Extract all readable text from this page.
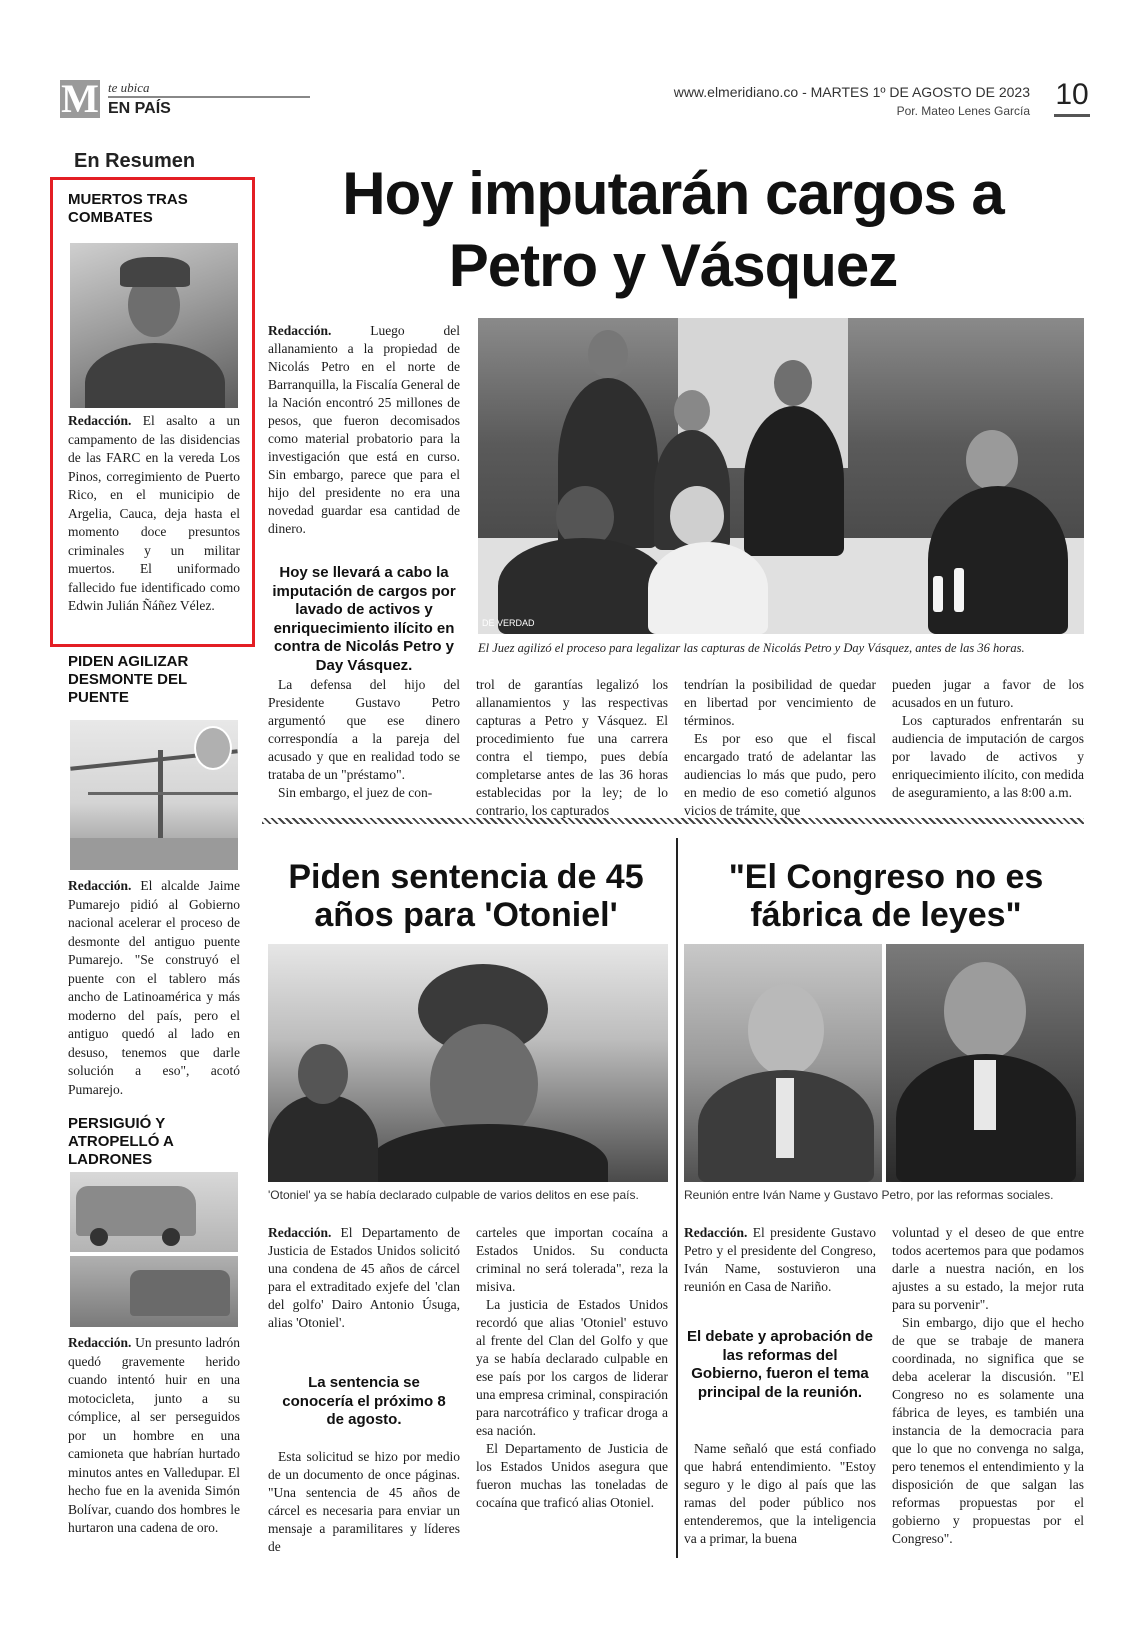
M te ubica
EN PAÍS
www.elmeridiano.co - MARTES 1º DE AGOSTO DE 2023
Por. Mateo Lenes García 10
En Resumen
MUERTOS TRAS COMBATES
Redacción. El asalto a un campamento de las disidencias de las FARC en la vereda Los Pinos, corregimiento de Puerto Rico, en el municipio de Argelia, Cauca, deja hasta el momento doce presuntos criminales y un militar muertos. El uniformado fallecido fue identificado como Edwin Julián Ñáñez Vélez.
PIDEN AGILIZAR DESMONTE DEL PUENTE
Redacción. El alcalde Jaime Pumarejo pidió al Gobierno nacional acelerar el proceso de desmonte del antiguo puente Pumarejo. "Se construyó el puente con el tablero más ancho de Latinoamérica y más moderno del país, pero el antiguo quedó al lado en desuso, tenemos que darle solución a eso", acotó Pumarejo.
PERSIGUIÓ Y ATROPELLÓ A LADRONES
Redacción. Un presunto ladrón quedó gravemente herido cuando intentó huir en una motocicleta, junto a su cómplice, al ser perseguidos por un hombre en una camioneta que habrían hurtado minutos antes en Valledupar. El hecho fue en la avenida Simón Bolívar, cuando dos hombres le hurtaron una cadena de oro.
Hoy imputarán cargos a Petro y Vásquez

Redacción. Luego del allanamiento a la propiedad de Nicolás Petro en el norte de Barranquilla, la Fiscalía General de la Nación encontró 25 millones de pesos, que fueron decomisados como material probatorio para la investigación que está en curso. Sin embargo, parece que para el hijo del presidente no era una novedad guardar esa cantidad de dinero.

Hoy se llevará a cabo la imputación de cargos por lavado de activos y enriquecimiento ilícito en contra de Nicolás Petro y Day Vásquez.
DE VERDAD
El Juez agilizó el proceso para legalizar las capturas de Nicolás Petro y Day Vásquez, antes de las 36 horas.

La defensa del hijo del Presidente Gustavo Petro argumentó que ese dinero correspondía a la pareja del acusado y que en realidad todo se trataba de un "préstamo".

Sin embargo, el juez de con-

trol de garantías legalizó los allanamientos y las respectivas capturas a Petro y Vásquez. El procedimiento fue una carrera contra el tiempo, pues debía completarse antes de las 36 horas establecidas por la ley; de lo contrario, los capturados

tendrían la posibilidad de quedar en libertad por vencimiento de términos.

Es por eso que el fiscal encargado trató de adelantar las audiencias lo más que pudo, pero en medio de eso cometió algunos vicios de trámite, que

pueden jugar a favor de los acusados en un futuro.

Los capturados enfrentarán su audiencia de imputación de cargos por lavado de activos y enriquecimiento ilícito, con medida de aseguramiento, a las 8:00 a.m.

Piden sentencia de 45 años para 'Otoniel'
'Otoniel' ya se había declarado culpable de varios delitos en ese país.

Redacción. El Departamento de Justicia de Estados Unidos solicitó una condena de 45 años de cárcel para el extraditado exjefe del 'clan del golfo' Dairo Antonio Úsuga, alias 'Otoniel'.

La sentencia se conocería el próximo 8 de agosto.

Esta solicitud se hizo por medio de un documento de once páginas. "Una sentencia de 45 años de cárcel es necesaria para enviar un mensaje a paramilitares y líderes de

carteles que importan cocaína a Estados Unidos. Su conducta criminal no será tolerada", reza la misiva.

La justicia de Estados Unidos recordó que alias 'Otoniel' estuvo al frente del Clan del Golfo y que ya se había declarado culpable en ese país por los cargos de liderar una empresa criminal, conspiración para narcotráfico y traficar droga a esa nación.

El Departamento de Justicia de los Estados Unidos asegura que fueron muchas las toneladas de cocaína que traficó alias Otoniel.

"El Congreso no es fábrica de leyes"
Reunión entre Iván Name y Gustavo Petro, por las reformas sociales.

Redacción. El presidente Gustavo Petro y el presidente del Congreso, Iván Name, sostuvieron una reunión en Casa de Nariño.

El debate y aprobación de las reformas del Gobierno, fueron el tema principal de la reunión.

Name señaló que está confiado que habrá entendimiento. "Estoy seguro y le digo al país que las ramas del poder público nos entenderemos, que la inteligencia va a primar, la buena

voluntad y el deseo de que entre todos acertemos para que podamos darle a nuestra nación, en los ajustes a su estado, la mejor ruta para su porvenir".

Sin embargo, dijo que el hecho de que se trabaje de manera coordinada, no significa que se deba acelerar la discusión. "El Congreso no es solamente una fábrica de leyes, es también una instancia de la democracia para que lo que no convenga no salga, pero tenemos el entendimiento y la disposición de que salgan las reformas propuestas por el gobierno y propuestas por el Congreso".
